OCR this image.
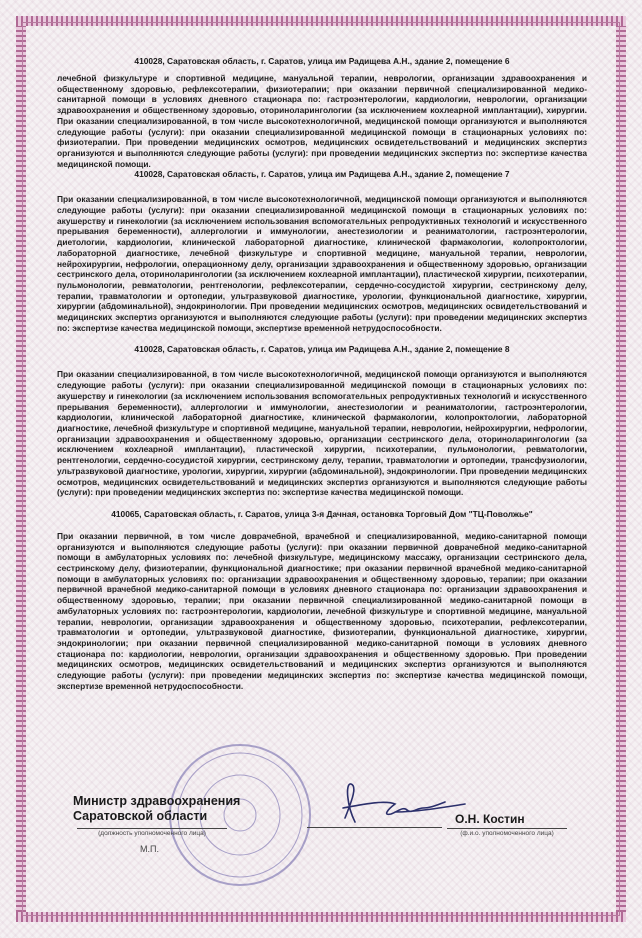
410028, Саратовская область, г. Саратов, улица им Радищева А.Н., здание 2, помещение 6

лечебной физкультуре и спортивной медицине, мануальной терапии, неврологии, организации здравоохранения и общественному здоровью, рефлексотерапии, физиотерапии; при оказании первичной специализированной медико-санитарной помощи в условиях дневного стационара по: гастроэнтерологии, кардиологии, неврологии, организации здравоохранения и общественному здоровью, оториноларингологии (за исключением кохлеарной имплантации), хирургии. При оказании специализированной, в том числе высокотехнологичной, медицинской помощи организуются и выполняются следующие работы (услуги): при оказании специализированной медицинской помощи в стационарных условиях по: физиотерапии. При проведении медицинских осмотров, медицинских освидетельствований и медицинских экспертиз организуются и выполняются следующие работы (услуги): при проведении медицинских экспертиз по: экспертизе качества медицинской помощи.

410028, Саратовская область, г. Саратов, улица им Радищева А.Н., здание 2, помещение 7

При оказании специализированной, в том числе высокотехнологичной, медицинской помощи организуются и выполняются следующие работы (услуги): при оказании специализированной медицинской помощи в стационарных условиях по: акушерству и гинекологии (за исключением использования вспомогательных репродуктивных технологий и искусственного прерывания беременности), аллергологии и иммунологии, анестезиологии и реаниматологии, гастроэнтерологии, диетологии, кардиологии, клинической лабораторной диагностике, клинической фармакологии, колопроктологии, лабораторной диагностике, лечебной физкультуре и спортивной медицине, мануальной терапии, неврологии, нейрохирургии, нефрологии, операционному делу, организации здравоохранения и общественному здоровью, организации сестринского дела, оториноларингологии (за исключением кохлеарной имплантации), пластической хирургии, психотерапии, пульмонологии, ревматологии, рентгенологии, рефлексотерапии, сердечно-сосудистой хирургии, сестринскому делу, терапии, травматологии и ортопедии, ультразвуковой диагностике, урологии, функциональной диагностике, хирургии, хирургии (абдоминальной), эндокринологии. При проведении медицинских осмотров, медицинских освидетельствований и медицинских экспертиз организуются и выполняются следующие работы (услуги): при проведении медицинских экспертиз по: экспертизе качества медицинской помощи, экспертизе временной нетрудоспособности.

410028, Саратовская область, г. Саратов, улица им Радищева А.Н., здание 2, помещение 8

При оказании специализированной, в том числе высокотехнологичной, медицинской помощи организуются и выполняются следующие работы (услуги): при оказании специализированной медицинской помощи в стационарных условиях по: акушерству и гинекологии (за исключением использования вспомогательных репродуктивных технологий и искусственного прерывания беременности), аллергологии и иммунологии, анестезиологии и реаниматологии, гастроэнтерологии, кардиологии, клинической лабораторной диагностике, клинической фармакологии, колопроктологии, лабораторной диагностике, лечебной физкультуре и спортивной медицине, мануальной терапии, неврологии, нейрохирургии, нефрологии, организации здравоохранения и общественному здоровью, организации сестринского дела, оториноларингологии (за исключением кохлеарной имплантации), пластической хирургии, психотерапии, пульмонологии, ревматологии, рентгенологии, сердечно-сосудистой хирургии, сестринскому делу, терапии, травматологии и ортопедии, трансфузиологии, ультразвуковой диагностике, урологии, хирургии, хирургии (абдоминальной), эндокринологии. При проведении медицинских осмотров, медицинских освидетельствований и медицинских экспертиз организуются и выполняются следующие работы (услуги): при проведении медицинских экспертиз по: экспертизе качества медицинской помощи.

410065, Саратовская область, г. Саратов, улица 3-я Дачная, остановка Торговый Дом "ТЦ-Поволжье"

При оказании первичной, в том числе доврачебной, врачебной и специализированной, медико-санитарной помощи организуются и выполняются следующие работы (услуги): при оказании первичной доврачебной медико-санитарной помощи в амбулаторных условиях по: лечебной физкультуре, медицинскому массажу, организации сестринского дела, сестринскому делу, физиотерапии, функциональной диагностике; при оказании первичной врачебной медико-санитарной помощи в амбулаторных условиях по: организации здравоохранения и общественному здоровью, терапии; при оказании первичной врачебной медико-санитарной помощи в условиях дневного стационара по: организации здравоохранения и общественному здоровью, терапии; при оказании первичной специализированной медико-санитарной помощи в амбулаторных условиях по: гастроэнтерологии, кардиологии, лечебной физкультуре и спортивной медицине, мануальной терапии, неврологии, организации здравоохранения и общественному здоровью, психотерапии, рефлексотерапии, травматологии и ортопедии, ультразвуковой диагностике, физиотерапии, функциональной диагностике, хирургии, эндокринологии; при оказании первичной специализированной медико-санитарной помощи в условиях дневного стационара по: кардиологии, неврологии, организации здравоохранения и общественному здоровью. При проведении медицинских осмотров, медицинских освидетельствований и медицинских экспертиз организуются и выполняются следующие работы (услуги): при проведении медицинских экспертиз по: экспертизе качества медицинской помощи, экспертизе временной нетрудоспособности.

Министр здравоохранения
Саратовской области
(должность уполномоченного лица)
М.П.
О.Н. Костин
(ф.и.о. уполномоченного лица)
